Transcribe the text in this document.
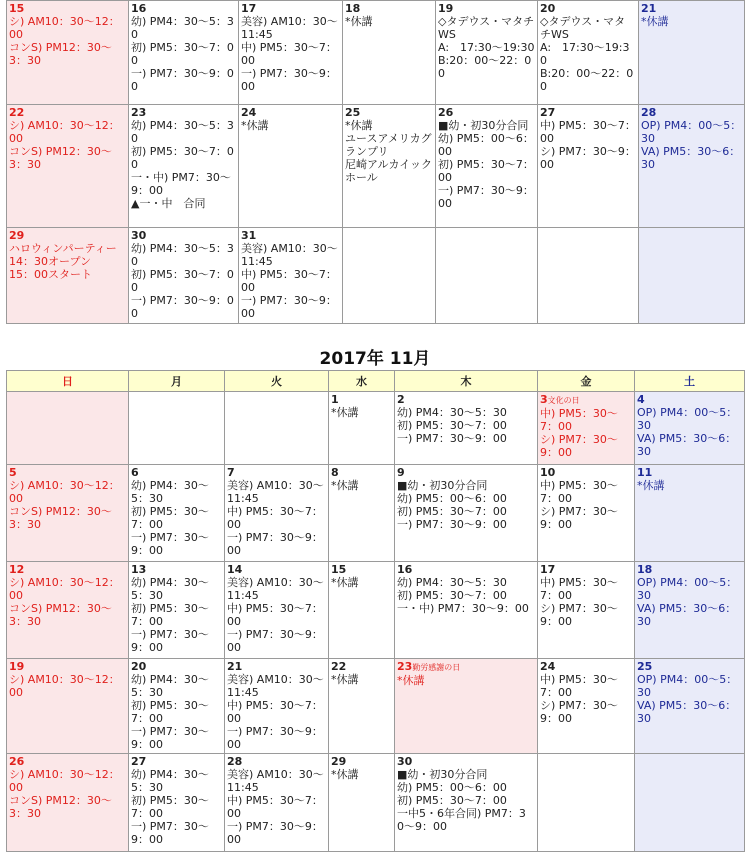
15
シ) AM10：30〜12：00
コンS) PM12：30〜3：30	16
幼) PM4：30〜5：30
初) PM5：30〜7：00
一) PM7：30〜9：00	17
美容) AM10：30〜11:45
中) PM5：30〜7：00
一) PM7：30〜9：00	18
*休講	19
◇タデウス・マタチWS
A:　17:30〜19:30
B:20：00〜22：00	20
◇タデウス・マタチWS
A:　17:30〜19:30
B:20：00〜22：00	21
*休講

22
シ) AM10：30〜12：00
コンS) PM12：30〜3：30	23
幼) PM4：30〜5：30
初) PM5：30〜7：00
一・中) PM7：30〜9：00
▲一・中　合同	24
*休講	25
*休講
ユースアメリカグランプリ
尼崎アルカイックホール	26
■幼・初30分合同
幼) PM5：00〜6：00
初) PM5：30〜7：00
一) PM7：30〜9：00	27
中) PM5：30〜7：00
シ) PM7：30〜9：00	28
OP) PM4：00〜5：30
VA) PM5：30〜6：30

29
ハロウィンパーティー
14：30オープン
15：00スタート	30
幼) PM4：30〜5：30
初) PM5：30〜7：00
一) PM7：30〜9：00	31
美容) AM10：30〜11:45
中) PM5：30〜7：00
一) PM7：30〜9：00				

2017年 11月
日	月	火	水	木	金	土

			1
*休講	2
幼) PM4：30〜5：30
初) PM5：30〜7：00
一) PM7：30〜9：00	3文化の日
中) PM5：30〜7：00
シ) PM7：30〜9：00	4
OP) PM4：00〜5：30
VA) PM5：30〜6：30

5
シ) AM10：30〜12：00
コンS) PM12：30〜3：30	6
幼) PM4：30〜5：30
初) PM5：30〜7：00
一) PM7：30〜9：00	7
美容) AM10：30〜11:45
中) PM5：30〜7：00
一) PM7：30〜9：00	8
*休講	9
■幼・初30分合同
幼) PM5：00〜6：00
初) PM5：30〜7：00
一) PM7：30〜9：00	10
中) PM5：30〜7：00
シ) PM7：30〜9：00	11
*休講

12
シ) AM10：30〜12：00
コンS) PM12：30〜3：30	13
幼) PM4：30〜5：30
初) PM5：30〜7：00
一) PM7：30〜9：00	14
美容) AM10：30〜11:45
中) PM5：30〜7：00
一) PM7：30〜9：00	15
*休講	16
幼) PM4：30〜5：30
初) PM5：30〜7：00
一・中) PM7：30〜9：00	17
中) PM5：30〜7：00
シ) PM7：30〜9：00	18
OP) PM4：00〜5：30
VA) PM5：30〜6：30

19
シ) AM10：30〜12：00	20
幼) PM4：30〜5：30
初) PM5：30〜7：00
一) PM7：30〜9：00	21
美容) AM10：30〜11:45
中) PM5：30〜7：00
一) PM7：30〜9：00	22
*休講	23勤労感謝の日
*休講	24
中) PM5：30〜7：00
シ) PM7：30〜9：00	25
OP) PM4：00〜5：30
VA) PM5：30〜6：30

26
シ) AM10：30〜12：00
コンS) PM12：30〜3：30	27
幼) PM4：30〜5：30
初) PM5：30〜7：00
一) PM7：30〜9：00	28
美容) AM10：30〜11:45
中) PM5：30〜7：00
一) PM7：30〜9：00	29
*休講	30
■幼・初30分合同
幼) PM5：00〜6：00
初) PM5：30〜7：00
一中5・6年合同) PM7：30〜9：00		
